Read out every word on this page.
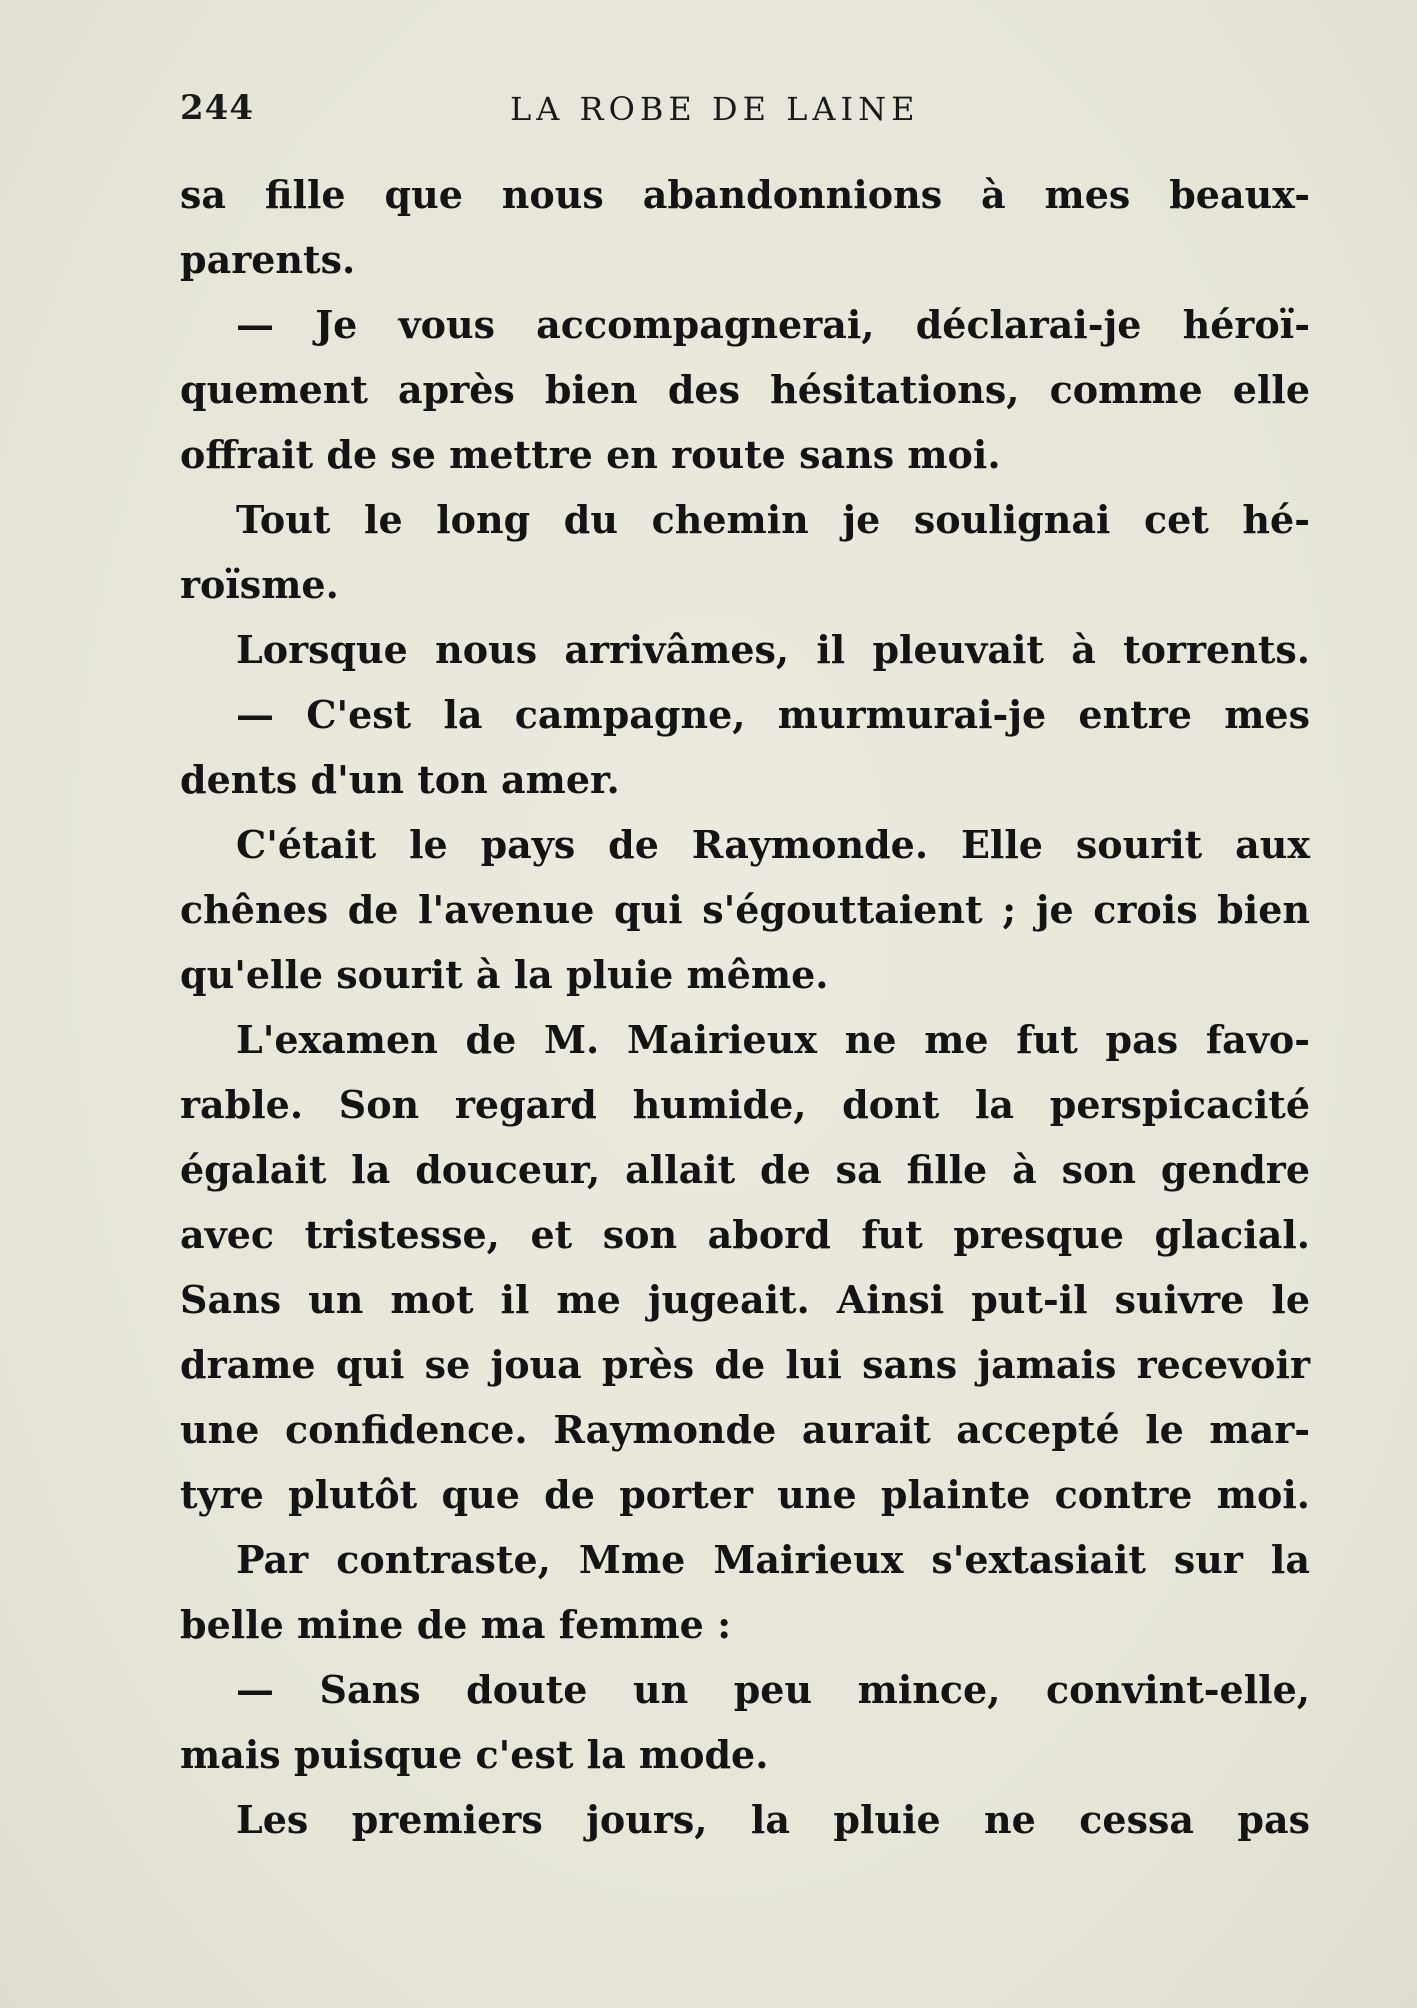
244	LA ROBE DE LAINE
sa fille que nous abandonnions à mes beaux-
parents.
— Je vous accompagnerai, déclarai-je héroï-
quement après bien des hésitations, comme elle
offrait de se mettre en route sans moi.
Tout le long du chemin je soulignai cet hé-
roïsme.
Lorsque nous arrivâmes, il pleuvait à torrents.
— C'est la campagne, murmurai-je entre mes
dents d'un ton amer.
C'était le pays de Raymonde. Elle sourit aux
chênes de l'avenue qui s'égouttaient ; je crois bien
qu'elle sourit à la pluie même.
L'examen de M. Mairieux ne me fut pas favo-
rable. Son regard humide, dont la perspicacité
égalait la douceur, allait de sa fille à son gendre
avec tristesse, et son abord fut presque glacial.
Sans un mot il me jugeait. Ainsi put-il suivre le
drame qui se joua près de lui sans jamais recevoir
une confidence. Raymonde aurait accepté le mar-
tyre plutôt que de porter une plainte contre moi.
Par contraste, Mme Mairieux s'extasiait sur la
belle mine de ma femme :
— Sans doute un peu mince, convint-elle,
mais puisque c'est la mode.
Les premiers jours, la pluie ne cessa pas
